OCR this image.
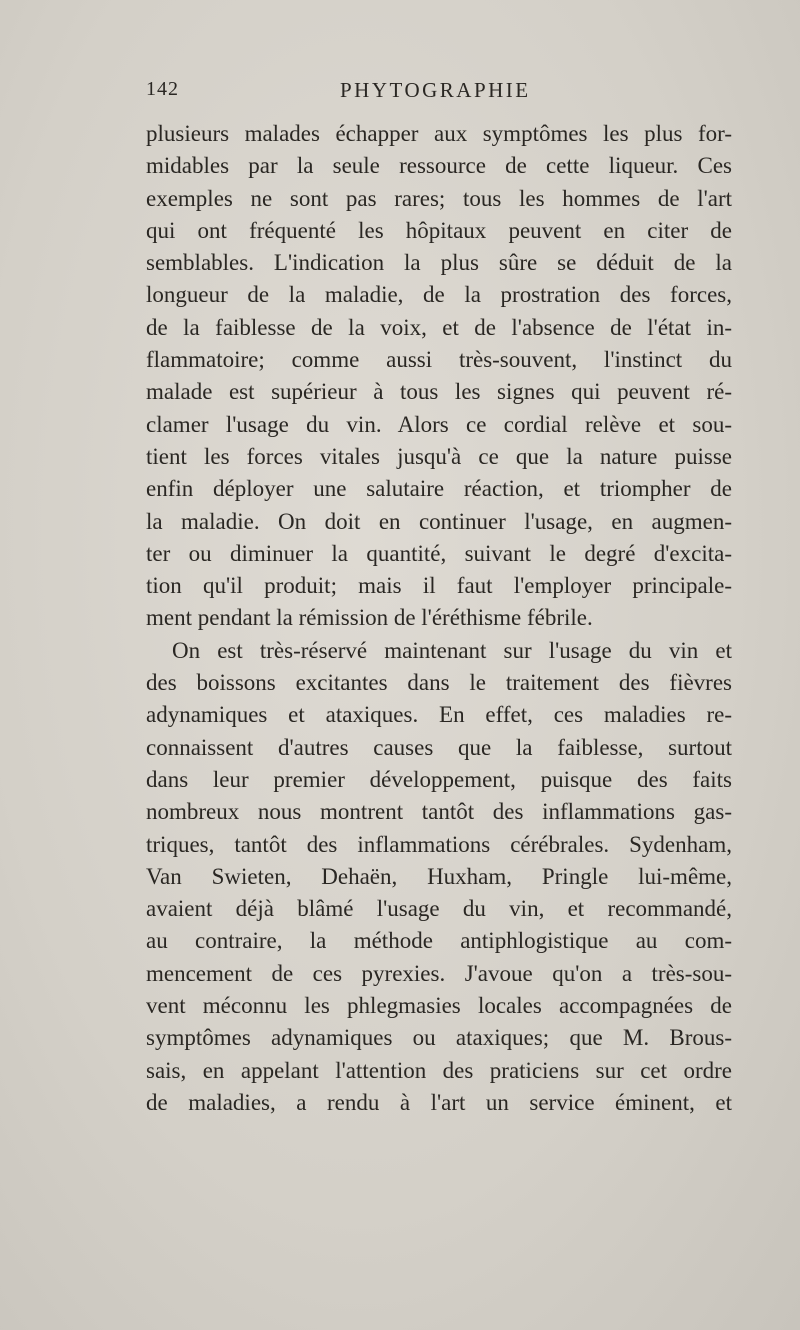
142	PHYTOGRAPHIE
plusieurs malades échapper aux symptômes les plus for-
midables par la seule ressource de cette liqueur. Ces
exemples ne sont pas rares; tous les hommes de l'art
qui ont fréquenté les hôpitaux peuvent en citer de
semblables. L'indication la plus sûre se déduit de la
longueur de la maladie, de la prostration des forces,
de la faiblesse de la voix, et de l'absence de l'état in-
flammatoire; comme aussi très-souvent, l'instinct du
malade est supérieur à tous les signes qui peuvent ré-
clamer l'usage du vin. Alors ce cordial relève et sou-
tient les forces vitales jusqu'à ce que la nature puisse
enfin déployer une salutaire réaction, et triompher de
la maladie. On doit en continuer l'usage, en augmen-
ter ou diminuer la quantité, suivant le degré d'excita-
tion qu'il produit; mais il faut l'employer principale-
ment pendant la rémission de l'éréthisme fébrile.
On est très-réservé maintenant sur l'usage du vin et
des boissons excitantes dans le traitement des fièvres
adynamiques et ataxiques. En effet, ces maladies re-
connaissent d'autres causes que la faiblesse, surtout
dans leur premier développement, puisque des faits
nombreux nous montrent tantôt des inflammations gas-
triques, tantôt des inflammations cérébrales. Sydenham,
Van Swieten, Dehaën, Huxham, Pringle lui-même,
avaient déjà blâmé l'usage du vin, et recommandé,
au contraire, la méthode antiphlogistique au com-
mencement de ces pyrexies. J'avoue qu'on a très-sou-
vent méconnu les phlegmasies locales accompagnées de
symptômes adynamiques ou ataxiques; que M. Brous-
sais, en appelant l'attention des praticiens sur cet ordre
de maladies, a rendu à l'art un service éminent, et
